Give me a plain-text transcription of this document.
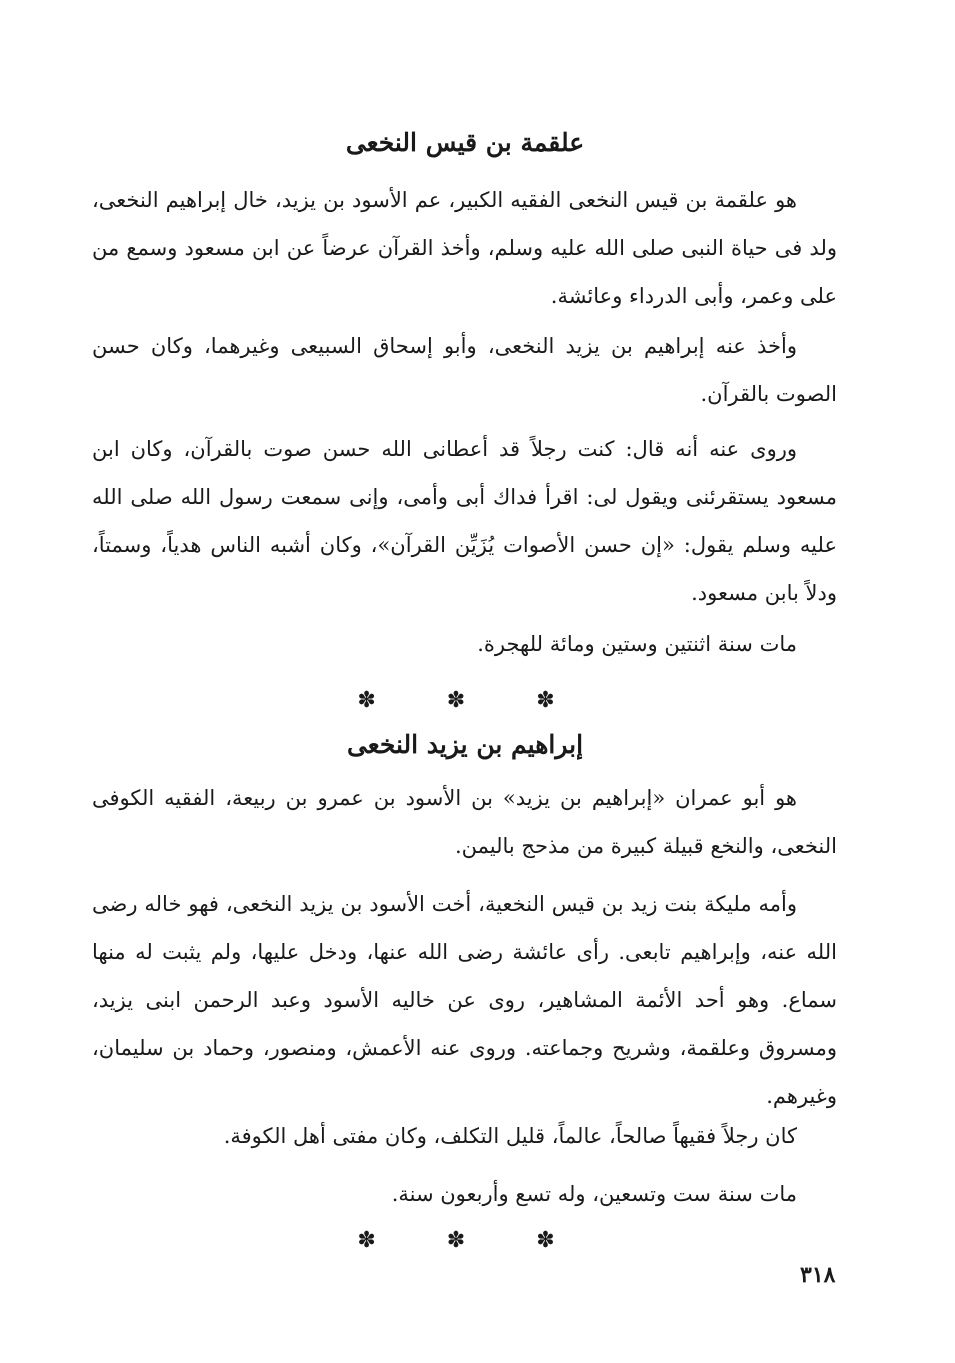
علقمة بن قيس النخعى
هو علقمة بن قيس النخعى الفقيه الكبير، عم الأسود بن يزيد، خال إبراهيم النخعى، ولد فى حياة النبى صلى الله عليه وسلم، وأخذ القرآن عرضاً عن ابن مسعود وسمع من على وعمر، وأبى الدرداء وعائشة.
وأخذ عنه إبراهيم بن يزيد النخعى، وأبو إسحاق السبيعى وغيرهما، وكان حسن الصوت بالقرآن.
وروى عنه أنه قال: كنت رجلاً قد أعطانى الله حسن صوت بالقرآن، وكان ابن مسعود يستقرئنى ويقول لى: اقرأ فداك أبى وأمى، وإنى سمعت رسول الله صلى الله عليه وسلم يقول: «إن حسن الأصوات يُزَيِّن القرآن»، وكان أشبه الناس هدياً، وسمتاً، ودلاً بابن مسعود.
مات سنة اثنتين وستين ومائة للهجرة.
✽ ✽ ✽
إبراهيم بن يزيد النخعى
هو أبو عمران «إبراهيم بن يزيد» بن الأسود بن عمرو بن ربيعة، الفقيه الكوفى النخعى، والنخع قبيلة كبيرة من مذحج باليمن.
وأمه مليكة بنت زيد بن قيس النخعية، أخت الأسود بن يزيد النخعى، فهو خاله رضى الله عنه، وإبراهيم تابعى. رأى عائشة رضى الله عنها، ودخل عليها، ولم يثبت له منها سماع. وهو أحد الأئمة المشاهير، روى عن خاليه الأسود وعبد الرحمن ابنى يزيد، ومسروق وعلقمة، وشريح وجماعته. وروى عنه الأعمش، ومنصور، وحماد بن سليمان، وغيرهم.
كان رجلاً فقيهاً صالحاً، عالماً، قليل التكلف، وكان مفتى أهل الكوفة.
مات سنة ست وتسعين، وله تسع وأربعون سنة.
✽ ✽ ✽
٣١٨
